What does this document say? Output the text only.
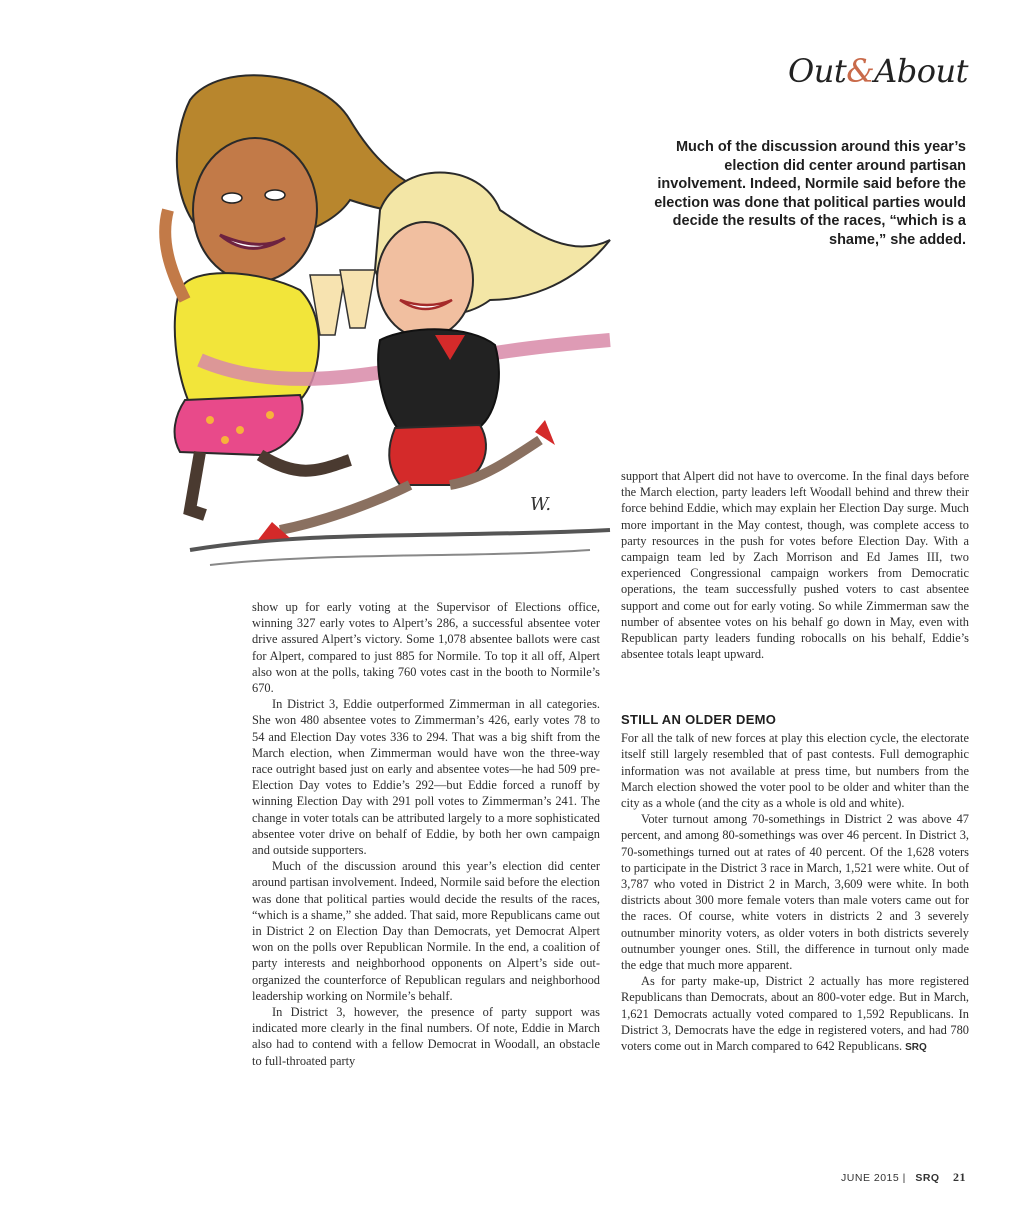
Out&About
Much of the discussion around this year’s election did center around partisan involvement. Indeed, Normile said before the election was done that political parties would decide the results of the races, “which is a shame,” she added.
W.

show up for early voting at the Supervisor of Elections office, winning 327 early votes to Alpert’s 286, a successful absentee voter drive assured Alpert’s victory. Some 1,078 absentee ballots were cast for Alpert, compared to just 885 for Normile. To top it all off, Alpert also won at the polls, taking 760 votes cast in the booth to Normile’s 670.

In District 3, Eddie outperformed Zimmerman in all categories. She won 480 absentee votes to Zimmerman’s 426, early votes 78 to 54 and Election Day votes 336 to 294. That was a big shift from the March election, when Zimmerman would have won the three-way race outright based just on early and absentee votes—he had 509 pre-Election Day votes to Eddie’s 292—but Eddie forced a runoff by winning Election Day with 291 poll votes to Zimmerman’s 241. The change in voter totals can be attributed largely to a more sophisticated absentee voter drive on behalf of Eddie, by both her own campaign and outside supporters.

Much of the discussion around this year’s election did center around partisan involvement. Indeed, Normile said before the election was done that political parties would decide the results of the races, “which is a shame,” she added. That said, more Republicans came out in District 2 on Election Day than Democrats, yet Democrat Alpert won on the polls over Republican Normile. In the end, a coalition of party interests and neighborhood opponents on Alpert’s side out-organized the counterforce of Republican regulars and neighborhood leadership working on Normile’s behalf.

In District 3, however, the presence of party support was indicated more clearly in the final numbers. Of note, Eddie in March also had to contend with a fellow Democrat in Woodall, an obstacle to full-throated party

support that Alpert did not have to overcome. In the final days before the March election, party leaders left Woodall behind and threw their force behind Eddie, which may explain her Election Day surge. Much more important in the May contest, though, was complete access to party resources in the push for votes before Election Day. With a campaign team led by Zach Morrison and Ed James III, two experienced Congressional campaign workers from Democratic operations, the team successfully pushed voters to cast absentee support and come out for early voting. So while Zimmerman saw the number of absentee votes on his behalf go down in May, even with Republican party leaders funding robocalls on his behalf, Eddie’s absentee totals leapt upward.

STILL AN OLDER DEMO

For all the talk of new forces at play this election cycle, the electorate itself still largely resembled that of past contests. Full demographic information was not available at press time, but numbers from the March election showed the voter pool to be older and whiter than the city as a whole (and the city as a whole is old and white).

Voter turnout among 70-somethings in District 2 was above 47 percent, and among 80-somethings was over 46 percent. In District 3, 70-somethings turned out at rates of 40 percent. Of the 1,628 voters to participate in the District 3 race in March, 1,521 were white. Out of 3,787 who voted in District 2 in March, 3,609 were white. In both districts about 300 more female voters than male voters came out for the races. Of course, white voters in districts 2 and 3 severely outnumber minority voters, as older voters in both districts severely outnumber younger ones. Still, the difference in turnout only made the edge that much more apparent.

As for party make-up, District 2 actually has more registered Republicans than Democrats, about an 800-voter edge. But in March, 1,621 Democrats actually voted compared to 1,592 Republicans. In District 3, Democrats have the edge in registered voters, and had 780 voters come out in March compared to 642 Republicans. SRQ

JUNE 2015 | SRQ 21
